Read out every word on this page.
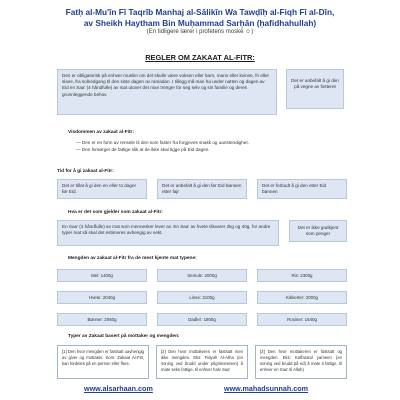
Fatḥ al-Mu'īn Fī Taqrīb Manhaj al-Sālikīn Wa Tawḍīḥ al-Fiqh Fī al-Dīn,
av Sheikh Haytham Bin Muḥammad Sarḥān (ḥafidhahullah)
(En tidligere lærer i profetens moské ☺)
REGLER OM ZAKAAT AL-FITR:
Den er obligatorisk på enhver muslim om det skulle være voksen eller barn, mann eller kvinne, fri eller slave, fra solnedgang til den siste dagen av ramadan. I tillegg må man ha under natten og dagen av Eid en Saa' (4 håndfulle) av mat utover det man trenger for seg selv og sin familie og deres grunnleggende behov.
Det er anbefalt å gi den på vegne av fosteret
Visdommen av zakaat al-Fitr:
— Den er en form av rensele til den som faster fra forgjeves snakk og uanstendighet.
— Den forsørger de fattige slik at de ikke skal tigge på Eid dagen.
Tid for å gi zakaat al-Fitr:
Det er tillat å gi den en eller to dager før Eid.
Det er anbefalt å gi den før Eid bønnen etter fajr
Det er forbudt å gi den etter Eid bønnen
Hva er det som gjelder som zakaat al-Fitr:
En Saa' (4 håndfulle) av mat som mennesker lever av. En Saa' av hvete tilsvarer 2kg og 40g, for andre typer mat så skal det estimeres avhengig av vekt.
Det er ikke godkjent som penger
Mengden av zakaat al-Fitr fra de mest kjente mat typene:
Mel: 1400g	Semule: 2000g	Ris: 2300g
Hvete: 2040g	Linse: 2100g	Kikkerter: 2000g
Bønner: 2060g	Dadler: 1800g	Rosiner: 1640g
Typer av Zakaat basert på mottaker og mengden:
[1] Den hvor mengden er fastsatt uavhengig av giver og mottaker. Som: Zakaat Al-Fitr, kan fordeles på en person eller flere.
[2] Den hvor mottakeren er fastsatt men ikke mengden. Eks: Fidyah Al-Atha (en soning ved brudd under pilgrimsreisen) å mate seks fattige, til enhver halv Saa'
[3] Den hvor mottakeren er fastsatt og mengden. Eks: Kaffaratul yameen (en soning ved brudd på ed) å mate ti fattige, til enhver en Saa' til Allah)
www.alsarhaan.com	www.mahadsunnah.com
